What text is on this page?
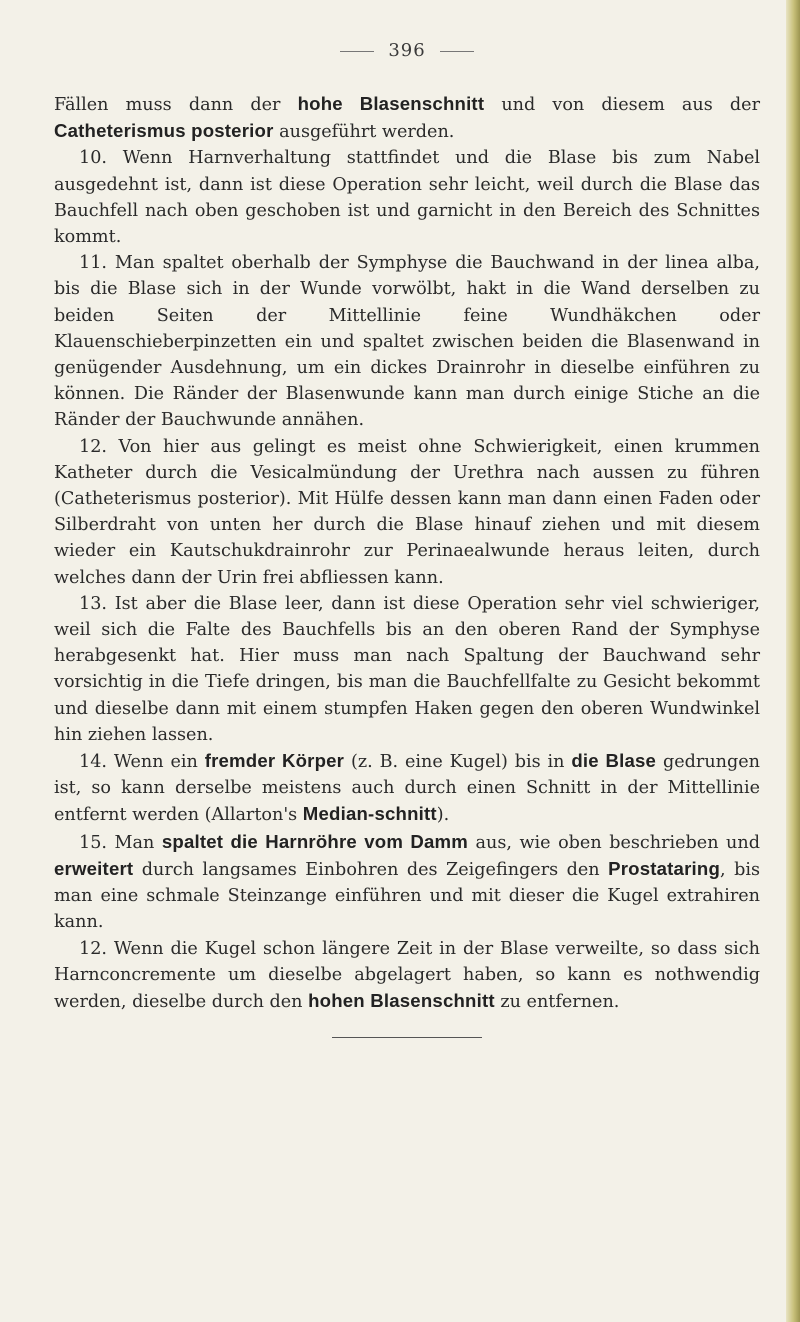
396

Fällen muss dann der hohe Blasenschnitt und von diesem aus der Catheterismus posterior ausgeführt werden.

10. Wenn Harnverhaltung stattfindet und die Blase bis zum Nabel ausgedehnt ist, dann ist diese Operation sehr leicht, weil durch die Blase das Bauchfell nach oben geschoben ist und garnicht in den Bereich des Schnittes kommt.

11. Man spaltet oberhalb der Symphyse die Bauchwand in der linea alba, bis die Blase sich in der Wunde vorwölbt, hakt in die Wand derselben zu beiden Seiten der Mittellinie feine Wundhäkchen oder Klauenschieberpinzetten ein und spaltet zwischen beiden die Blasenwand in genügender Ausdehnung, um ein dickes Drainrohr in dieselbe einführen zu können. Die Ränder der Blasenwunde kann man durch einige Stiche an die Ränder der Bauchwunde annähen.

12. Von hier aus gelingt es meist ohne Schwierigkeit, einen krummen Katheter durch die Vesicalmündung der Urethra nach aussen zu führen (Catheterismus posterior). Mit Hülfe dessen kann man dann einen Faden oder Silberdraht von unten her durch die Blase hinauf ziehen und mit diesem wieder ein Kautschukdrainrohr zur Perinaealwunde heraus leiten, durch welches dann der Urin frei abfliessen kann.

13. Ist aber die Blase leer, dann ist diese Operation sehr viel schwieriger, weil sich die Falte des Bauchfells bis an den oberen Rand der Symphyse herabgesenkt hat. Hier muss man nach Spaltung der Bauchwand sehr vorsichtig in die Tiefe dringen, bis man die Bauchfellfalte zu Gesicht bekommt und dieselbe dann mit einem stumpfen Haken gegen den oberen Wundwinkel hin ziehen lassen.

14. Wenn ein fremder Körper (z. B. eine Kugel) bis in die Blase gedrungen ist, so kann derselbe meistens auch durch einen Schnitt in der Mittellinie entfernt werden (Allarton's Median-schnitt).

15. Man spaltet die Harnröhre vom Damm aus, wie oben beschrieben und erweitert durch langsames Einbohren des Zeigefingers den Prostataring, bis man eine schmale Steinzange einführen und mit dieser die Kugel extrahiren kann.

12. Wenn die Kugel schon längere Zeit in der Blase verweilte, so dass sich Harnconcremente um dieselbe abgelagert haben, so kann es nothwendig werden, dieselbe durch den hohen Blasenschnitt zu entfernen.
